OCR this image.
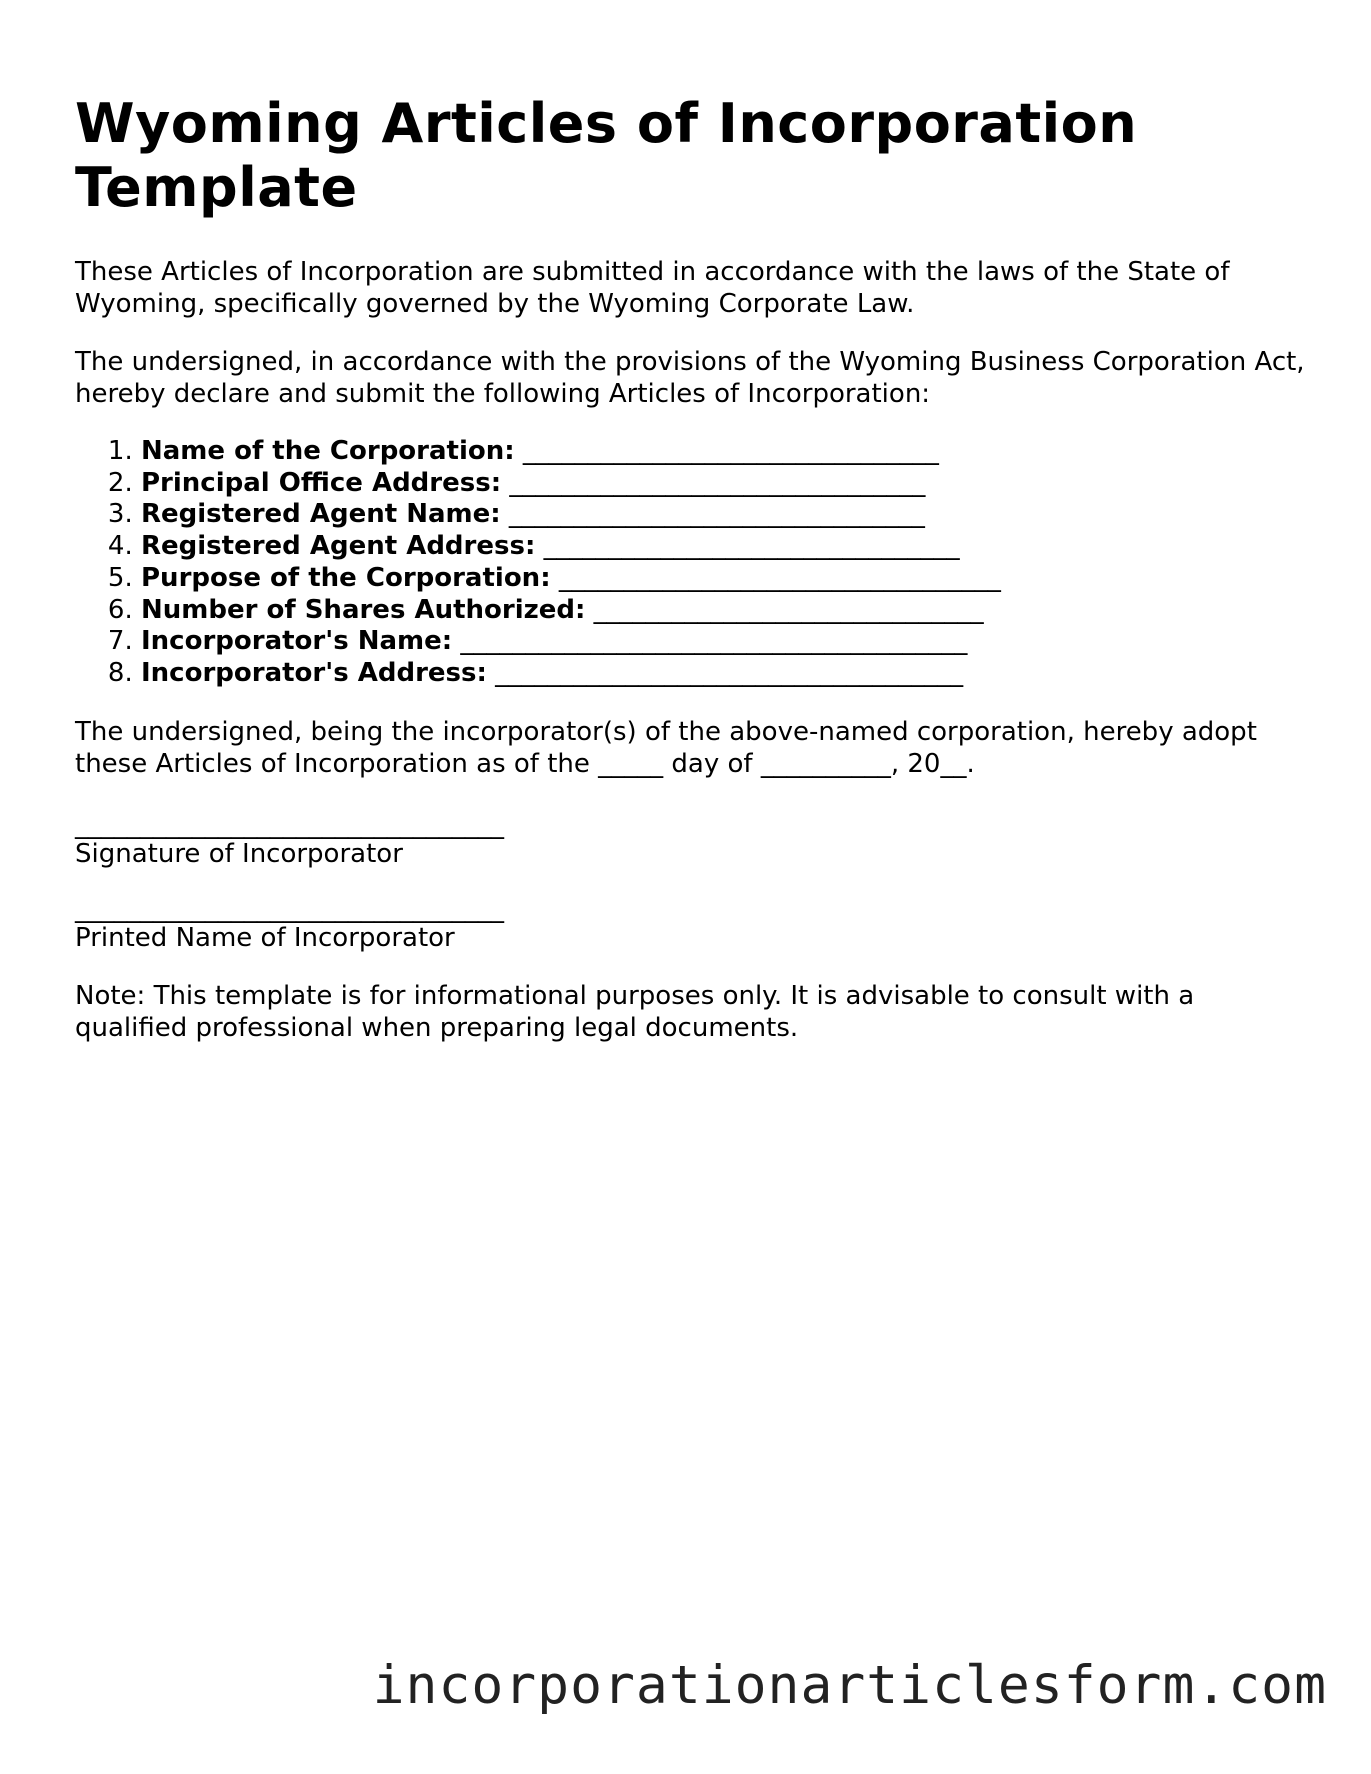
Wyoming Articles of Incorporation Template

These Articles of Incorporation are submitted in accordance with the laws of the State of Wyoming, specifically governed by the Wyoming Corporate Law.

The undersigned, in accordance with the provisions of the Wyoming Business Corporation Act, hereby declare and submit the following Articles of Incorporation:

1. Name of the Corporation: ________________________________
2. Principal Office Address: ________________________________
3. Registered Agent Name: ________________________________
4. Registered Agent Address: ________________________________
5. Purpose of the Corporation: __________________________________
6. Number of Shares Authorized: ______________________________
7. Incorporator's Name: _______________________________________
8. Incorporator's Address: ____________________________________

The undersigned, being the incorporator(s) of the above-named corporation, hereby adopt these Articles of Incorporation as of the _____ day of __________, 20__.

_________________________________
Signature of Incorporator
_________________________________
Printed Name of Incorporator

Note: This template is for informational purposes only. It is advisable to consult with a qualified professional when preparing legal documents.

incorporationarticlesform.com
